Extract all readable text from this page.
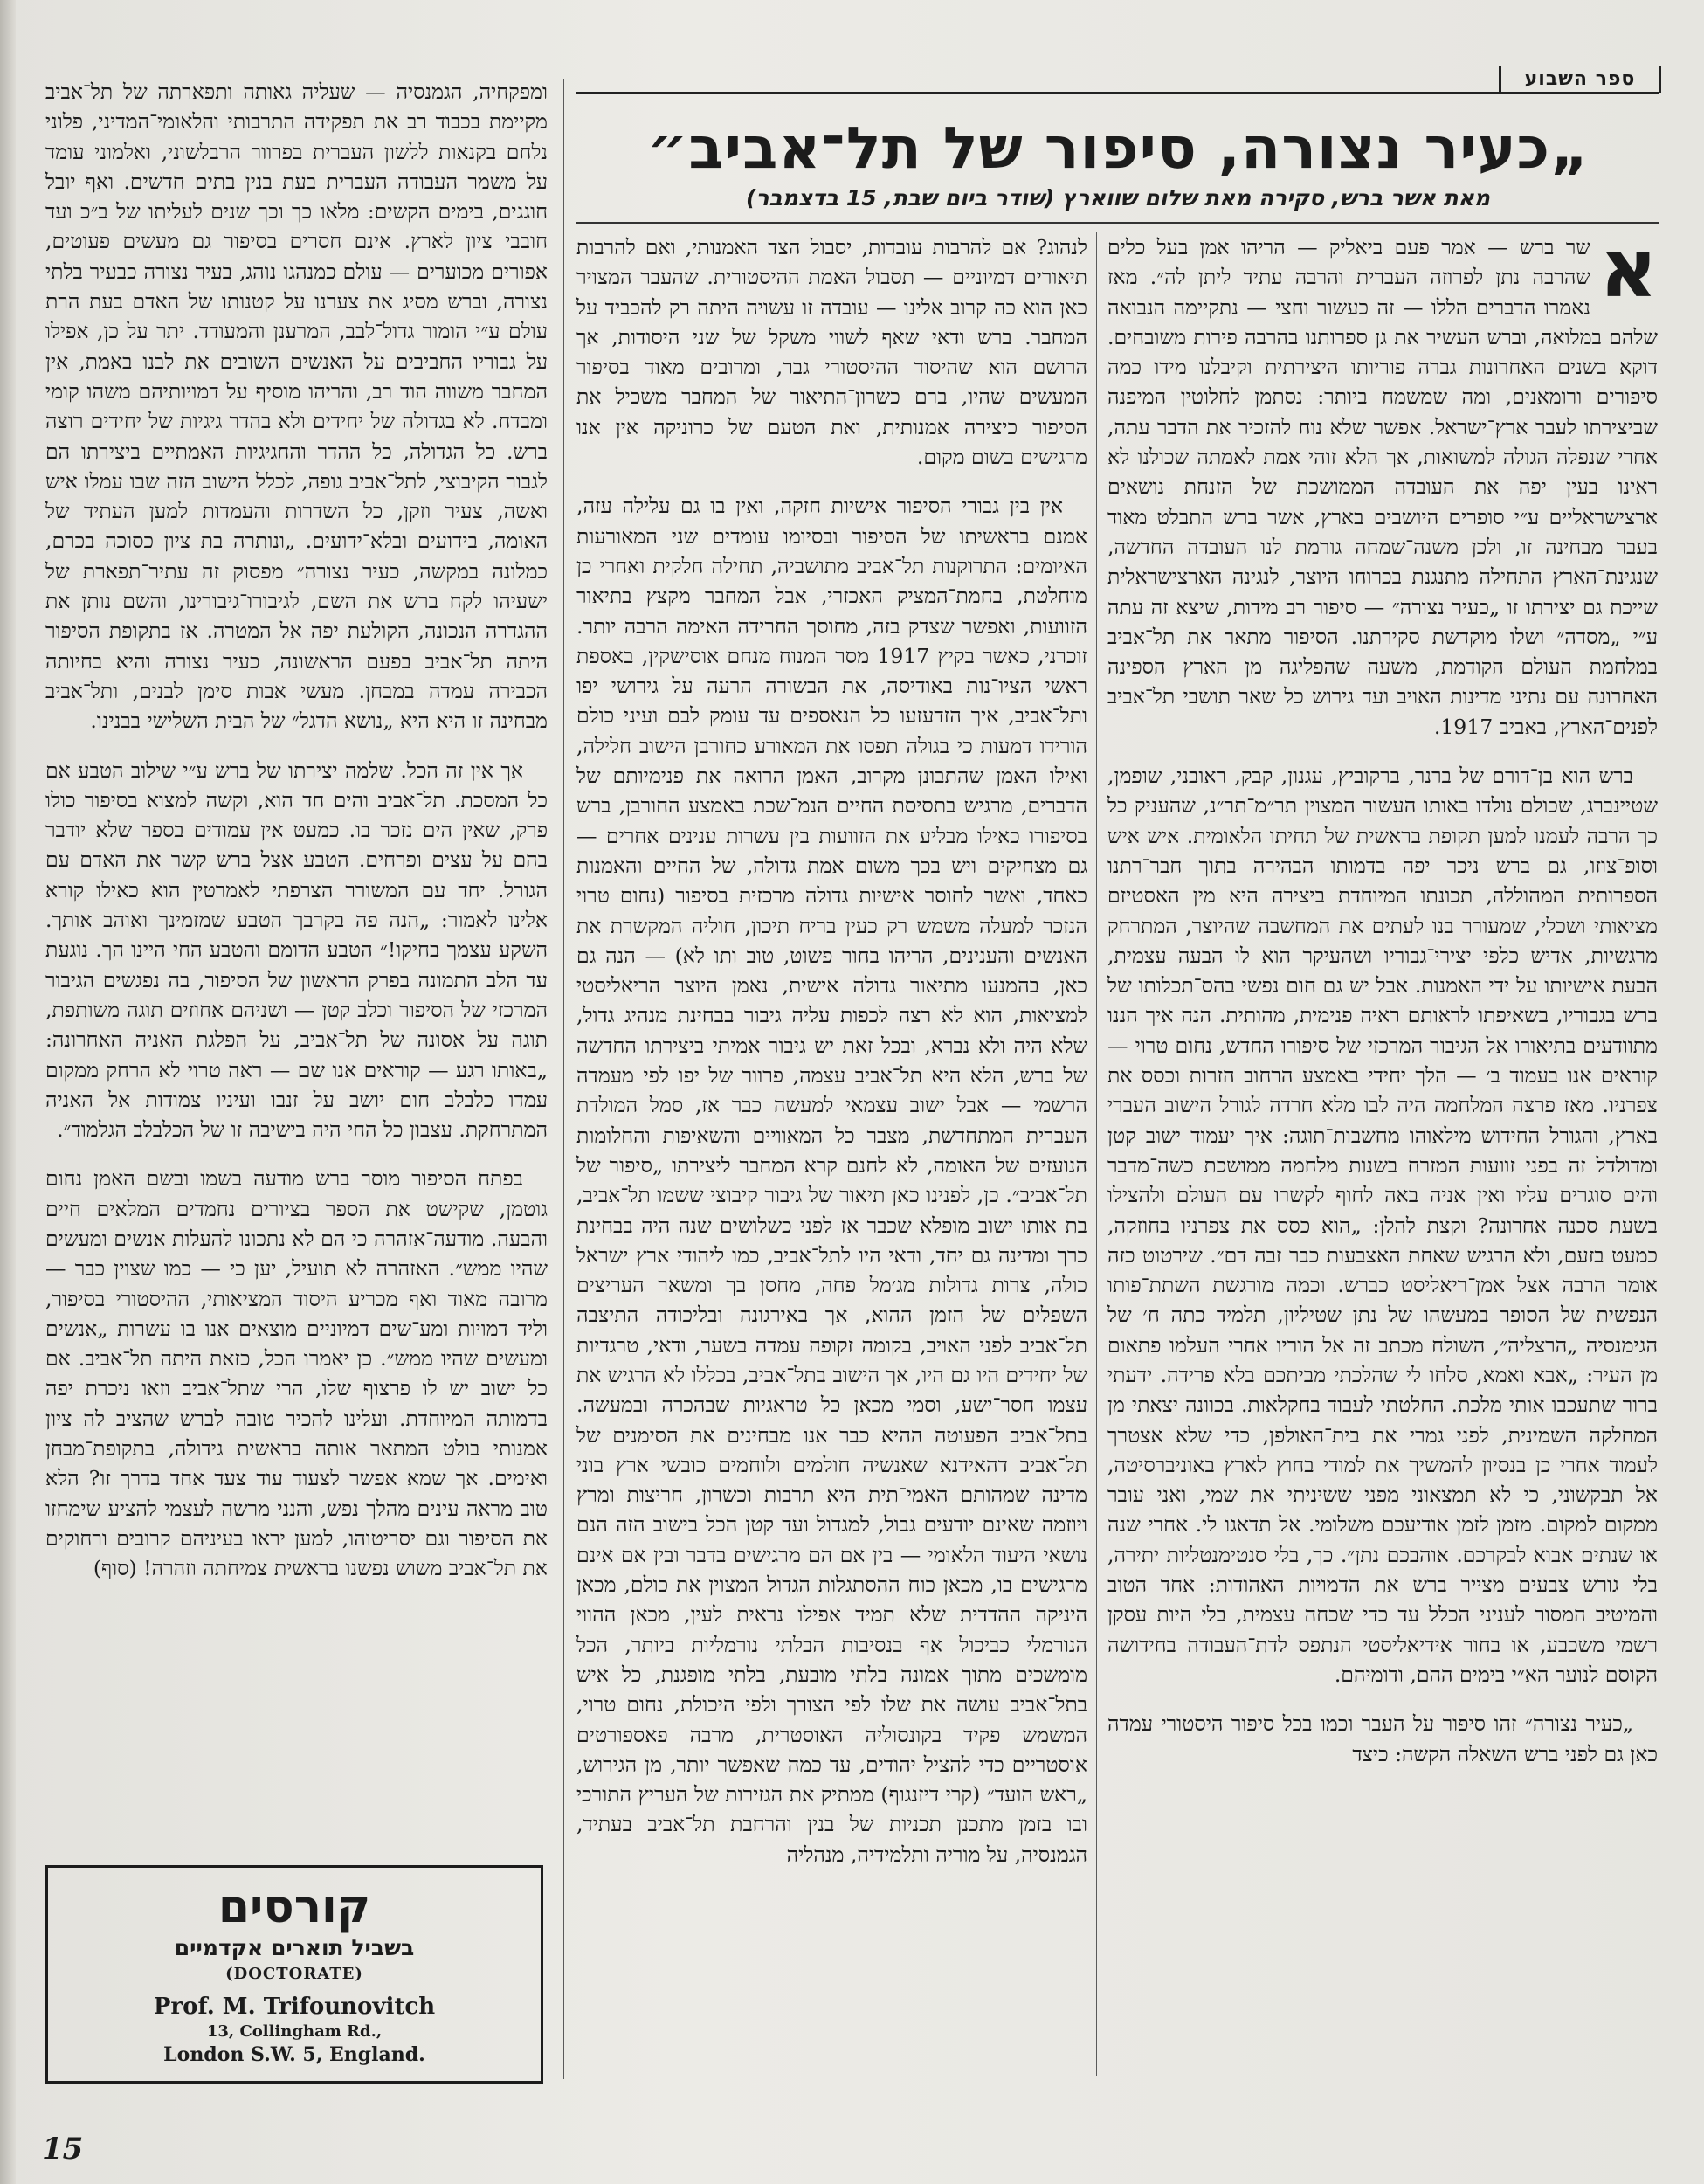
ספר השבוע
„כעיר נצורה, סיפור של תל־אביב״
מאת אשר ברש, סקירה מאת שלום שווארץ (שודר ביום שבת, 15 בדצמבר)

א
שר ברש — אמר פעם ביאליק — הריהו אמן בעל כלים שהרבה נתן לפרוזה העברית והרבה עתיד ליתן לה״. מאז נאמרו הדברים הללו — זה כעשור וחצי — נתקיימה הנבואה שלהם במלואה, וברש העשיר את גן ספרותנו בהרבה פירות משובחים. דוקא בשנים האחרונות גברה פוריותו היצירתית וקיבלנו מידו כמה סיפורים ורומאנים, ומה שמשמח ביותר: נסתמן לחלוטין המיפנה שביצירתו לעבר ארץ־ישראל. אפשר שלא נוח להזכיר את הדבר עתה, אחרי שנפלה הגולה למשואות, אך הלא זוהי אמת לאמתה שכולנו לא ראינו בעין יפה את העובדה הממושכת של הזנחת נושאים ארצישראליים ע״י סופרים היושבים בארץ, אשר ברש התבלט מאוד בעבר מבחינה זו, ולכן משנה־שמחה גורמת לנו העובדה החדשה, שנגינת־הארץ התחילה מתנגנת בכרוחו היוצר, לנגינה הארצישראלית שייכת גם יצירתו זו „כעיר נצורה״ — סיפור רב מידות, שיצא זה עתה ע״י „מסדה״ ושלו מוקדשת סקירתנו. הסיפור מתאר את תל־אביב במלחמת העולם הקודמת, משעה שהפליגה מן הארץ הספינה האחרונה עם נתיני מדינות האויב ועד גירוש כל שאר תושבי תל־אביב לפנים־הארץ, באביב 1917.

ברש הוא בן־דורם של ברנר, ברקוביץ, עגנון, קבק, ראובני, שופמן, שטיינברג, שכולם נולדו באותו העשור המצוין תר״מ־תר״נ, שהעניק כל כך הרבה לעמנו למען תקופת בראשית של תחיתו הלאומית. איש איש וסופ־צוזו, גם ברש ניכר יפה בדמותו הבהירה בתוך חבר־רתנו הספרותית המהוללה, תכונתו המיוחדת ביצירה היא מין האסטיזם מציאותי ושכלי, שמעורר בנו לעתים את המחשבה שהיוצר, המתרחק מרגשיות, אדיש כלפי יצירי־גבוריו ושהעיקר הוא לו הבעה עצמית, הבעת אישיותו על ידי האמנות. אבל יש גם חום נפשי בהס־תכלותו של ברש בגבוריו, בשאיפתו לראותם ראיה פנימית, מהותית. הנה איך הננו מתוודעים בתיאורו אל הגיבור המרכזי של סיפורו החדש, נחום טרוי — קוראים אנו בעמוד ב׳ — הלך יחידי באמצע הרחוב הזרות וכסס את צפרניו. מאז פרצה המלחמה היה לבו מלא חרדה לגורל הישוב העברי בארץ, והגורל החידוש מילאוהו מחשבות־תוגה: איך יעמוד ישוב קטן ומדולדל זה בפני זוועות המזרח בשנות מלחמה ממושכת כשה־מדבר והים סוגרים עליו ואין אניה באה לחוף לקשרו עם העולם ולהצילו בשעת סכנה אחרונה? וקצת להלן: „הוא כסס את צפרניו בחוזקה, כמעט בזעם, ולא הרגיש שאחת האצבעות כבר זבה דם״. שירטוט כזה אומר הרבה אצל אמן־ריאליסט כברש. וכמה מורגשת השתת־פותו הנפשית של הסופר במעשהו של נתן שטיליון, תלמיד כתה ח׳ של הגימנסיה „הרצליה״, השולח מכתב זה אל הוריו אחרי העלמו פתאום מן העיר: „אבא ואמא, סלחו לי שהלכתי מביתכם בלא פרידה. ידעתי ברור שתעכבו אותי מלכת. החלטתי לעבוד בחקלאות. בכוונה יצאתי מן המחלקה השמינית, לפני גמרי את בית־האולפן, כדי שלא אצטרך לעמוד אחרי כן בנסיון להמשיך את למודי בחוץ לארץ באוניברסיטה, אל תבקשוני, כי לא תמצאוני מפני ששיניתי את שמי, ואני עובר ממקום למקום. מזמן לזמן אודיעכם משלומי. אל תדאגו לי. אחרי שנה או שנתים אבוא לבקרכם. אוהבכם נתן״. כך, בלי סנטימנטליות יתירה, בלי גורש צבעים מצייר ברש את הדמויות האהודות: אחד הטוב והמיטיב המסור לעניני הכלל עד כדי שכחה עצמית, בלי היות עסקן רשמי משכבע, או בחור אידיאליסטי הנתפס לדת־העבודה בחידושה הקוסם לנוער הא״י בימים ההם, ודומיהם.

„כעיר נצורה״ זהו סיפור על העבר וכמו בכל סיפור היסטורי עמדה כאן גם לפני ברש השאלה הקשה: כיצד

לנהוג? אם להרבות עובדות, יסבול הצד האמנותי, ואם להרבות תיאורים דמיוניים — תסבול האמת ההיסטורית. שהעבר המצויר כאן הוא כה קרוב אלינו — עובדה זו עשויה היתה רק להכביד על המחבר. ברש ודאי שאף לשווי משקל של שני היסודות, אך הרושם הוא שהיסוד ההיסטורי גבר, ומרובים מאוד בסיפור המעשים שהיו, ברם כשרון־התיאור של המחבר משכיל את הסיפור כיצירה אמנותית, ואת הטעם של כרוניקה אין אנו מרגישים בשום מקום.

אין בין גבורי הסיפור אישיות חזקה, ואין בו גם עלילה עזה, אמנם בראשיתו של הסיפור ובסיומו עומדים שני המאורעות האיומים: התרוקנות תל־אביב מתושביה, תחילה חלקית ואחרי כן מוחלטת, בחמת־המציק האכזרי, אבל המחבר מקצץ בתיאור הזוועות, ואפשר שצדק בזה, מחוסך החרידה האימה הרבה יותר. זוכרני, כאשר בקיץ 1917 מסר המנוח מנחם אוסישקין, באספת ראשי הציו־נות באודיסה, את הבשורה הרעה על גירושי יפו ותל־אביב, איך הזדעזעו כל הנאספים עד עומק לבם ועיני כולם הורידו דמעות כי בגולה תפסו את המאורע כחורבן הישוב חלילה, ואילו האמן שהתבונן מקרוב, האמן הרואה את פנימיותם של הדברים, מרגיש בתסיסת החיים הנמ־שכת באמצע החורבן, ברש בסיפורו כאילו מבליע את הזוועות בין עשרות ענינים אחרים — גם מצחיקים ויש בכך משום אמת גדולה, של החיים והאמנות כאחד, ואשר לחוסר אישיות גדולה מרכזית בסיפור (נחום טרוי הנזכר למעלה משמש רק כעין בריח תיכון, חוליה המקשרת את האנשים והענינים, הריהו בחור פשוט, טוב ותו לא) — הנה גם כאן, בהמנעו מתיאור גדולה אישית, נאמן היוצר הריאליסטי למציאות, הוא לא רצה לכפות עליה גיבור בבחינת מנהיג גדול, שלא היה ולא נברא, ובכל זאת יש גיבור אמיתי ביצירתו החדשה של ברש, הלא היא תל־אביב עצמה, פרוור של יפו לפי מעמדה הרשמי — אבל ישוב עצמאי למעשה כבר אז, סמל המולדת העברית המתחדשת, מצבר כל המאוויים והשאיפות והחלומות הנועזים של האומה, לא לחנם קרא המחבר ליצירתו „סיפור של תל־אביב״. כן, לפנינו כאן תיאור של גיבור קיבוצי ששמו תל־אביב, בת אותו ישוב מופלא שכבר אז לפני כשלושים שנה היה בבחינת כרך ומדינה גם יחד, ודאי היו לתל־אביב, כמו ליהודי ארץ ישראל כולה, צרות גדולות מג׳מל פחה, מחסן בך ומשאר העריצים השפלים של הזמן ההוא, אך באירגונה ובליכודה התיצבה תל־אביב לפני האויב, בקומה זקופה עמדה בשער, ודאי, טרגדיות של יחידים היו גם היו, אך הישוב בתל־אביב, בכללו לא הרגיש את עצמו חסר־ישע, וסמי מכאן כל טראגיות שבהכרה ובמעשה. בתל־אביב הפעוטה ההיא כבר אנו מבחינים את הסימנים של תל־אביב דהאידנא שאנשיה חולמים ולוחמים כובשי ארץ בוני מדינה שמהותם האמי־תית היא תרבות וכשרון, חריצות ומרץ ויוזמה שאינם יודעים גבול, למגדול ועד קטן הכל בישוב הזה הנם נושאי היעוד הלאומי — בין אם הם מרגישים בדבר ובין אם אינם מרגישים בו, מכאן כוח ההסתגלות הגדול המצוין את כולם, מכאן היניקה ההדדית שלא תמיד אפילו נראית לעין, מכאן ההווי הנורמלי כביכול אף בנסיבות הבלתי נורמליות ביותר, הכל מומשכים מתוך אמונה בלתי מובעת, בלתי מופגנת, כל איש בתל־אביב עושה את שלו לפי הצורך ולפי היכולת, נחום טרוי, המשמש פקיד בקונסוליה האוסטרית, מרבה פאספורטים אוסטריים כדי להציל יהודים, עד כמה שאפשר יותר, מן הגירוש, „ראש הועד״ (קרי דיזנגוף) ממתיק את הגזירות של העריץ התורכי ובו בזמן מתכנן תכניות של בנין והרחבת תל־אביב בעתיד, הגמנסיה, על מוריה ותלמידיה, מנהליה

ומפקחיה, הגמנסיה — שעליה גאותה ותפארתה של תל־אביב מקיימת בכבוד רב את תפקידה התרבותי והלאומי־המדיני, פלוני נלחם בקנאות ללשון העברית בפרוור הרבלשוני, ואלמוני עומד על משמר העבודה העברית בעת בנין בתים חדשים. ואף יובל חוגגים, בימים הקשים: מלאו כך וכך שנים לעליתו של ב״כ ועד חובבי ציון לארץ. אינם חסרים בסיפור גם מעשים פעוטים, אפורים מכוערים — עולם כמנהגו נוהג, בעיר נצורה כבעיר בלתי נצורה, וברש מסיג את צערנו על קטנותו של האדם בעת הרת עולם ע״י הומור גדול־לבב, המרענן והמעודד. יתר על כן, אפילו על גבוריו החביבים על האנשים השובים את לבנו באמת, אין המחבר משווה הוד רב, והריהו מוסיף על דמויותיהם משהו קומי ומבדח. לא בגדולה של יחידים ולא בהדר גיגיות של יחידים רוצה ברש. כל הגדולה, כל ההדר והחגיגיות האמתיים ביצירתו הם לגבור הקיבוצי, לתל־אביב גופה, לכלל הישוב הזה שבו עמלו איש ואשה, צעיר וזקן, כל השדרות והעמדות למען העתיד של האומה, בידועים ובלא־ידועים. „ונותרה בת ציון כסוכה בכרם, כמלונה במקשה, כעיר נצורה״ מפסוק זה עתיר־תפארת של ישעיהו לקח ברש את השם, לגיבורו־גיבורינו, והשם נותן את ההגדרה הנכונה, הקולעת יפה אל המטרה. אז בתקופת הסיפור היתה תל־אביב בפעם הראשונה, כעיר נצורה והיא בחיותה הכבירה עמדה במבחן. מעשי אבות סימן לבנים, ותל־אביב מבחינה זו היא היא „נושא הדגל״ של הבית השלישי בבנינו.

אך אין זה הכל. שלמה יצירתו של ברש ע״י שילוב הטבע אם כל המסכת. תל־אביב והים חד הוא, וקשה למצוא בסיפור כולו פרק, שאין הים נזכר בו. כמעט אין עמודים בספר שלא יודבר בהם על עצים ופרחים. הטבע אצל ברש קשר את האדם עם הגורל. יחד עם המשורר הצרפתי לאמרטין הוא כאילו קורא אלינו לאמור: „הנה פה בקרבך הטבע שמזמינך ואוהב אותך. השקע עצמך בחיקו!״ הטבע הדומם והטבע החי היינו הך. נוגעת עד הלב התמונה בפרק הראשון של הסיפור, בה נפגשים הגיבור המרכזי של הסיפור וכלב קטן — ושניהם אחוזים תוגה משותפת, תוגה על אסונה של תל־אביב, על הפלגת האניה האחרונה: „באותו רגע — קוראים אנו שם — ראה טרוי לא הרחק ממקום עמדו כלבלב חום יושב על זנבו ועיניו צמודות אל האניה המתרחקת. עצבון כל החי היה בישיבה זו של הכלבלב הגלמוד״.

בפתח הסיפור מוסר ברש מודעה בשמו ובשם האמן נחום גוטמן, שקישט את הספר בציורים נחמדים המלאים חיים והבעה. מודעה־אזהרה כי הם לא נתכונו להעלות אנשים ומעשים שהיו ממש״. האזהרה לא תועיל, יען כי — כמו שצוין כבר — מרובה מאוד ואף מכריע היסוד המציאותי, ההיסטורי בסיפור, וליד דמויות ומע־שים דמיוניים מוצאים אנו בו עשרות „אנשים ומעשים שהיו ממש״. כן יאמרו הכל, כזאת היתה תל־אביב. אם כל ישוב יש לו פרצוף שלו, הרי שתל־אביב וזאו ניכרת יפה בדמותה המיוחדת. ועלינו להכיר טובה לברש שהציב לה ציון אמנותי בולט המתאר אותה בראשית גידולה, בתקופת־מבחן ואימים. אך שמא אפשר לצעוד עוד צעד אחד בדרך זו? הלא טוב מראה עינים מהלך נפש, והנני מרשה לעצמי להציע שימחזו את הסיפור וגם יסריטוהו, למען יראו בעיניהם קרובים ורחוקים את תל־אביב משוש נפשנו בראשית צמיחתה וזהרה! (סוף)

קורסים
בשביל תוארים אקדמיים
(DOCTORATE)
Prof. M. Trifounovitch
13, Collingham Rd.,
London S.W. 5, England.
15
